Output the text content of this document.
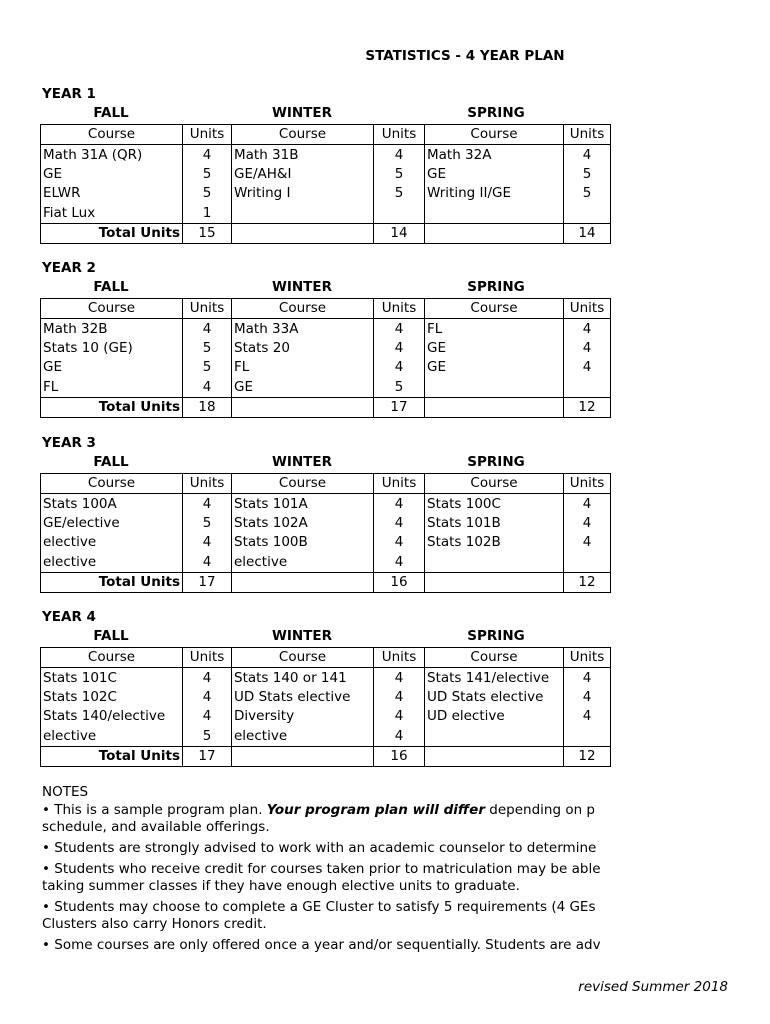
STATISTICS - 4 YEAR PLAN
YEAR 1
FALL	WINTER	SPRING
Course	Units	Course	Units	Course	Units
Math 31A (QR)	4	Math 31B	4	Math 32A	4
GE	5	GE/AH&I	5	GE	5
ELWR	5	Writing I	5	Writing II/GE	5
Fiat Lux	1				
Total Units	15		14		14
YEAR 2
FALL	WINTER	SPRING
Course	Units	Course	Units	Course	Units
Math 32B	4	Math 33A	4	FL	4
Stats 10 (GE)	5	Stats 20	4	GE	4
GE	5	FL	4	GE	4
FL	4	GE	5		
Total Units	18		17		12
YEAR 3
FALL	WINTER	SPRING
Course	Units	Course	Units	Course	Units
Stats 100A	4	Stats 101A	4	Stats 100C	4
GE/elective	5	Stats 102A	4	Stats 101B	4
elective	4	Stats 100B	4	Stats 102B	4
elective	4	elective	4		
Total Units	17		16		12
YEAR 4
FALL	WINTER	SPRING
Course	Units	Course	Units	Course	Units
Stats 101C	4	Stats 140 or 141	4	Stats 141/elective	4
Stats 102C	4	UD Stats elective	4	UD Stats elective	4
Stats 140/elective	4	Diversity	4	UD elective	4
elective	5	elective	4		
Total Units	17		16		12
NOTES
• This is a sample program plan. Your program plan will differ depending on p
schedule, and available offerings.
• Students are strongly advised to work with an academic counselor to determine
• Students who receive credit for courses taken prior to matriculation may be able
taking summer classes if they have enough elective units to graduate.
• Students may choose to complete a GE Cluster to satisfy 5 requirements (4 GEs
Clusters also carry Honors credit.
• Some courses are only offered once a year and/or sequentially. Students are adv
revised Summer 2018
